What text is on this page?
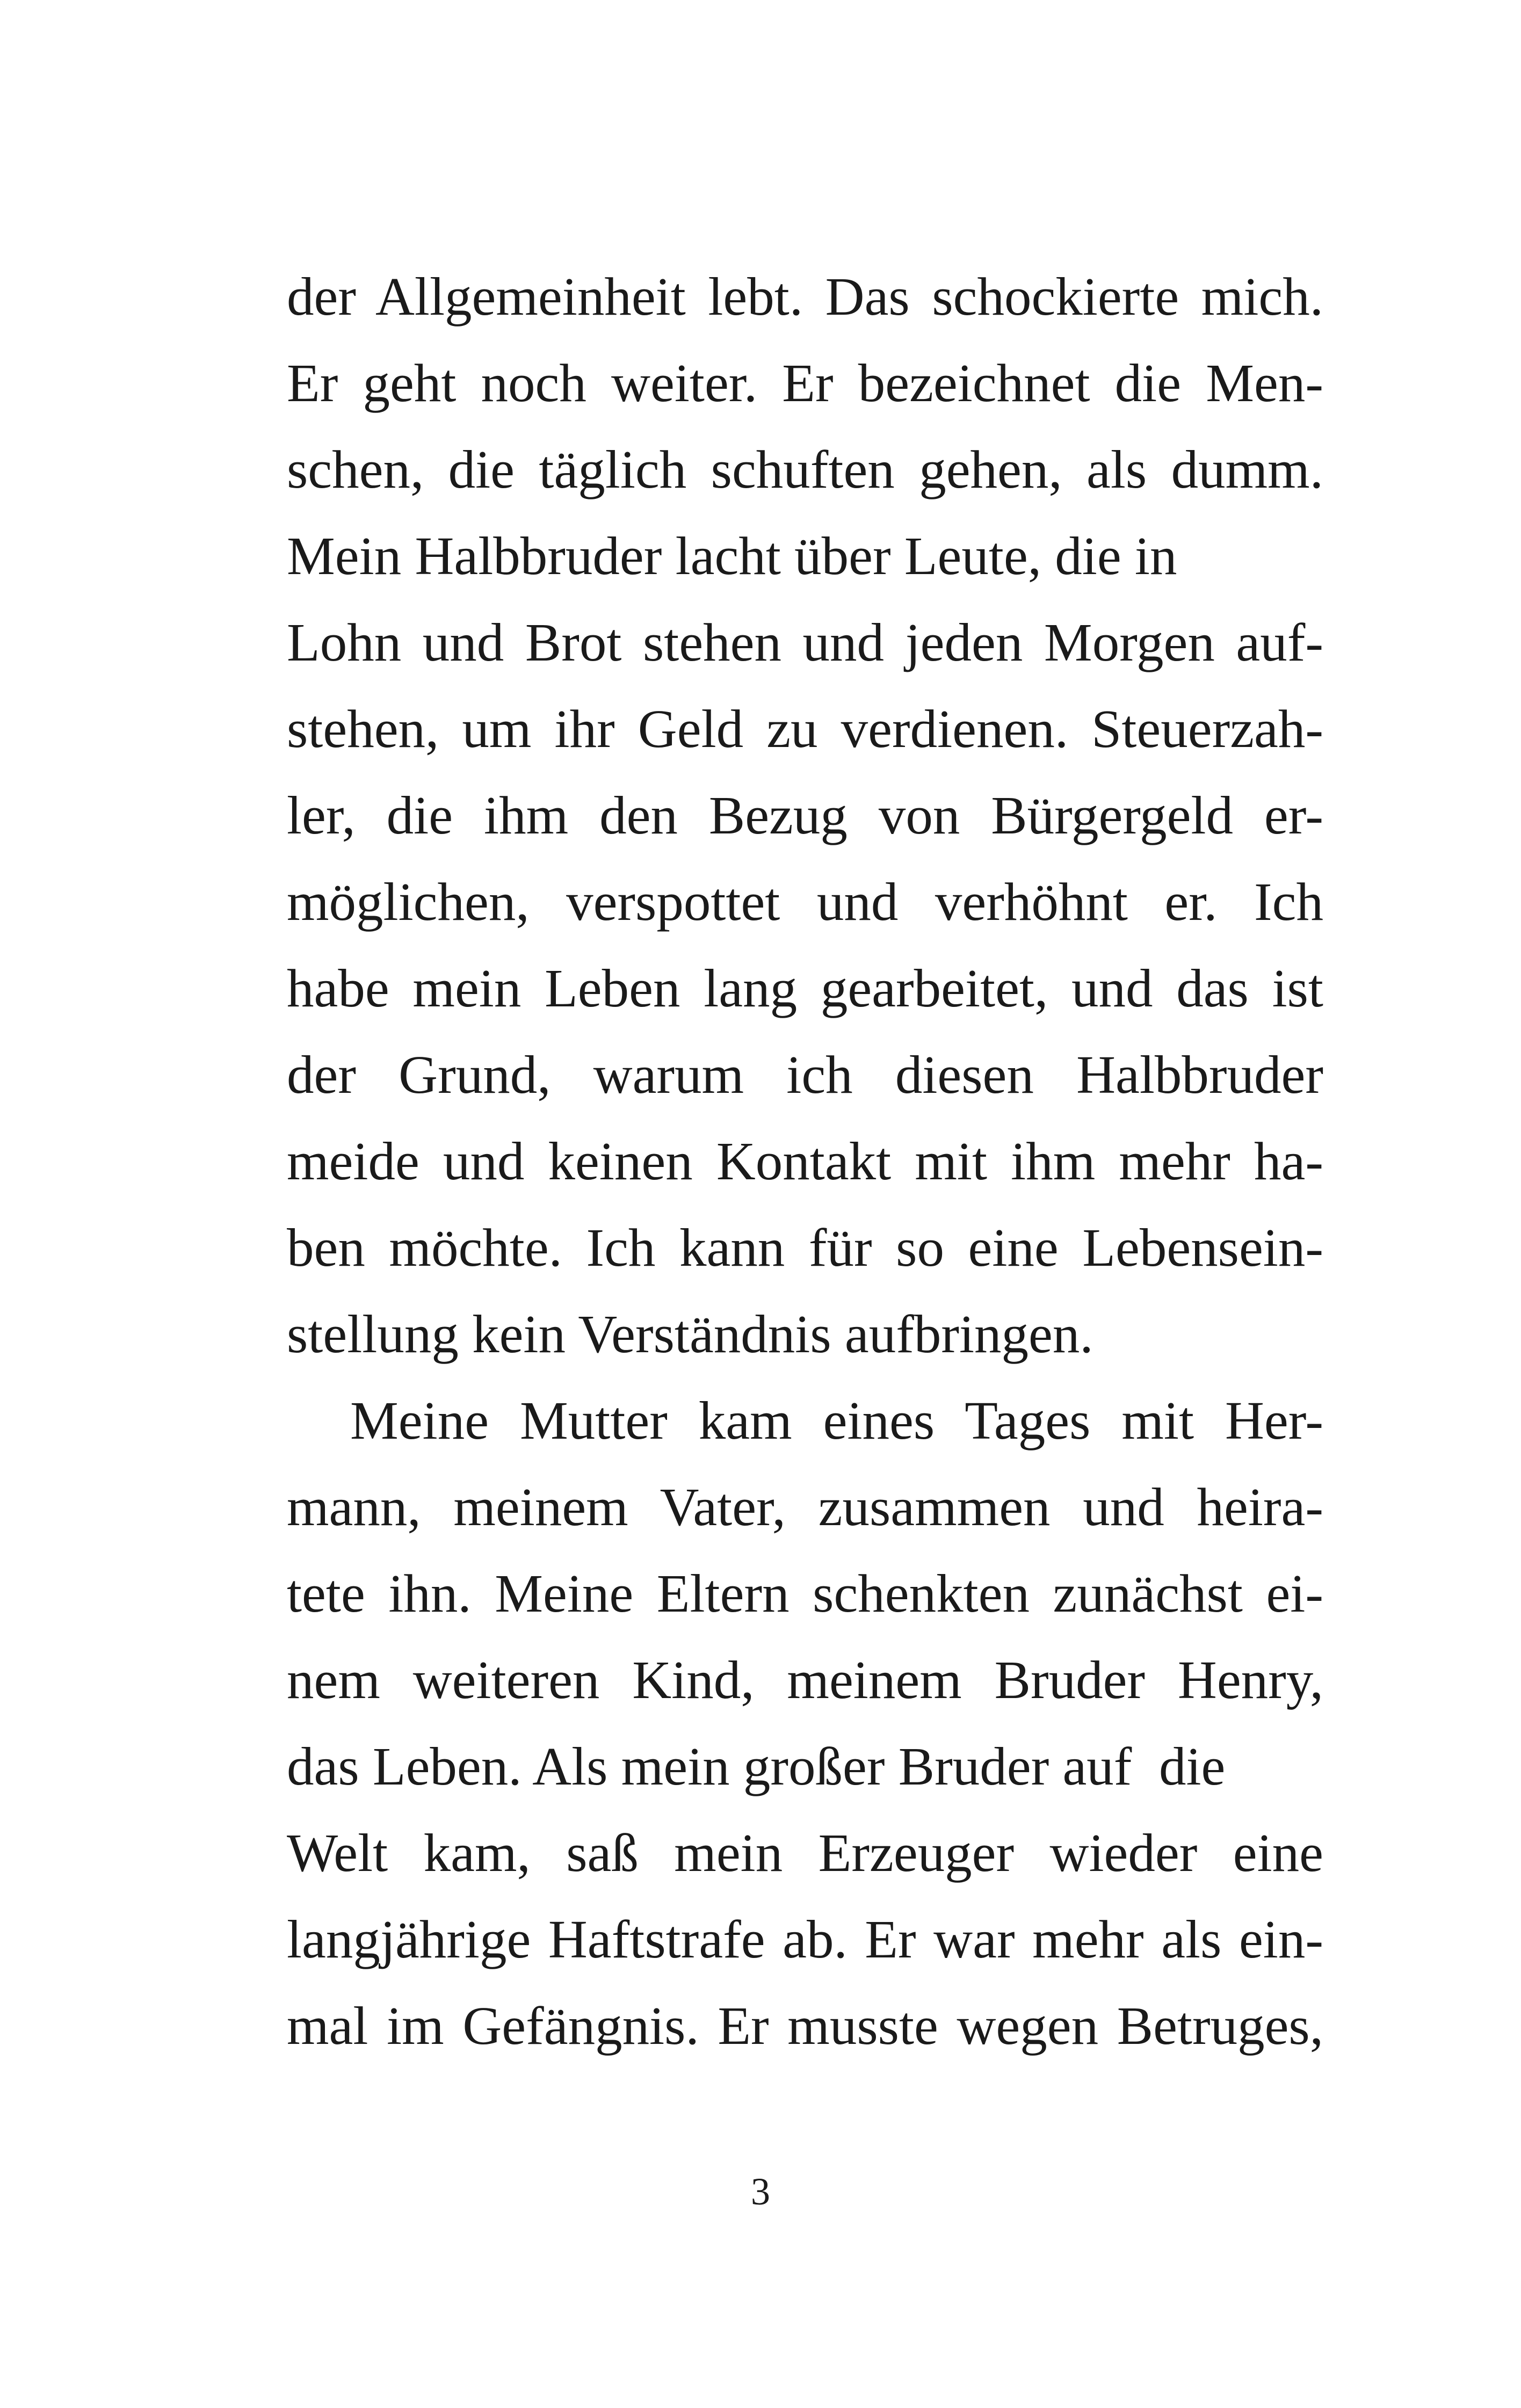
der Allgemeinheit lebt. Das schockierte mich.
Er geht noch weiter. Er bezeichnet die Men-
schen, die täglich schuften gehen, als dumm.
Mein Halbbruder lacht über Leute, die in
Lohn und Brot stehen und jeden Morgen auf-
stehen, um ihr Geld zu verdienen. Steuerzah-
ler, die ihm den Bezug von Bürgergeld er-
möglichen, verspottet und verhöhnt er. Ich
habe mein Leben lang gearbeitet, und das ist
der Grund, warum ich diesen Halbbruder
meide und keinen Kontakt mit ihm mehr ha-
ben möchte. Ich kann für so eine Lebensein-
stellung kein Verständnis aufbringen.
Meine Mutter kam eines Tages mit Her-
mann, meinem Vater, zusammen und heira-
tete ihn. Meine Eltern schenkten zunächst ei-
nem weiteren Kind, meinem Bruder Henry,
das Leben. Als mein großer Bruder auf  die
Welt kam, saß mein Erzeuger wieder eine
langjährige Haftstrafe ab. Er war mehr als ein-
mal im Gefängnis. Er musste wegen Betruges,
3
